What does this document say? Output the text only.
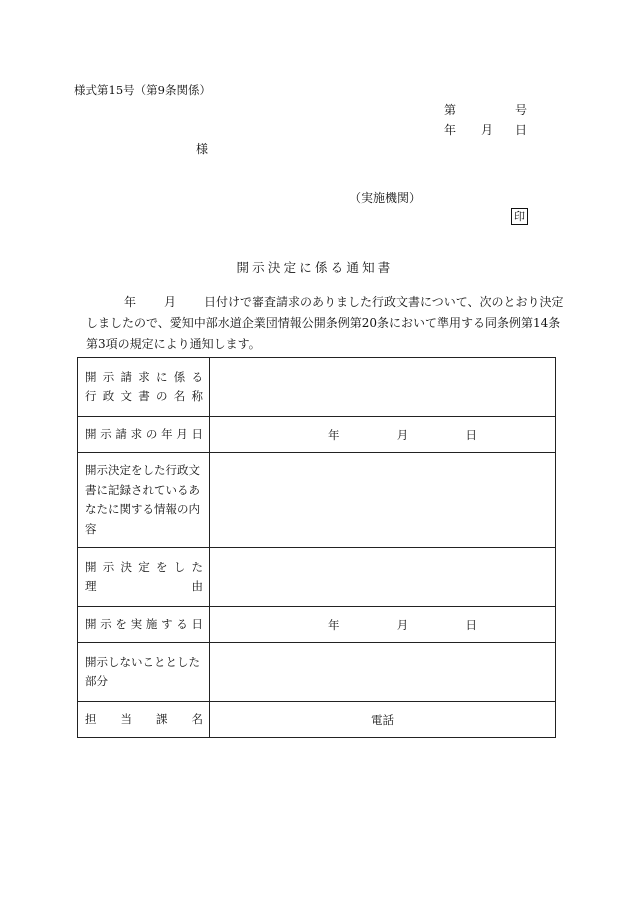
様式第15号（第9条関係）
第	号
年 月 日
様
（実施機関）
印
開示決定に係る通知書
年 月 日付けで審査請求のありました行政文書について、次のとおり決定
しましたので、愛知中部水道企業団情報公開条例第20条において準用する同条例第14条
第3項の規定により通知します。
開示請求に係る
行政文書の名称	

開示請求の年月日	年 月 日

開示決定をした行政文書に記録されているあなたに関する情報の内容	

開示決定をした
理 由	

開示を実施する日	年 月 日

開示しないこととした部分	

担当課名	電話
